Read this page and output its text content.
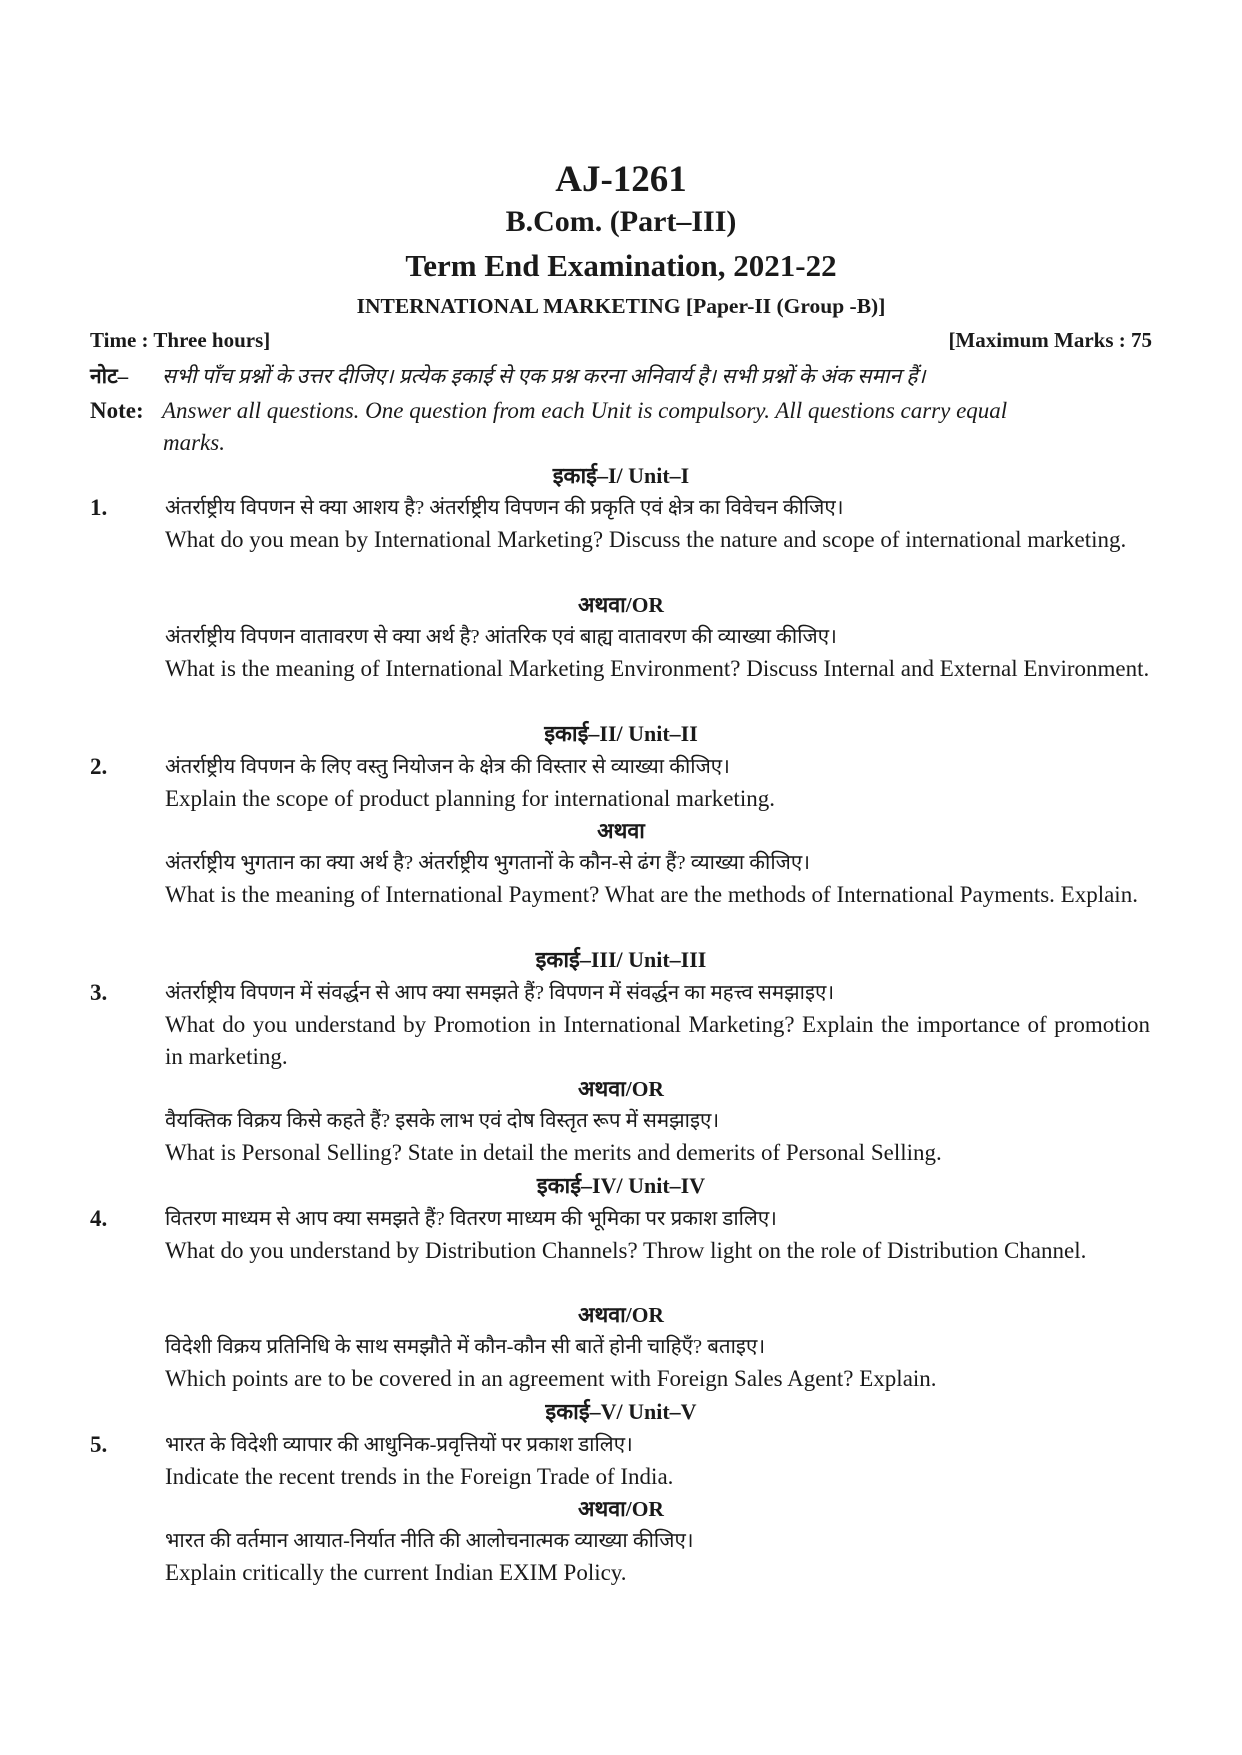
AJ-1261
B.Com. (Part–III)
Term End Examination, 2021-22
INTERNATIONAL MARKETING [Paper-II (Group -B)]
Time : Three hours]	[Maximum Marks : 75
नोट– सभी पाँच प्रश्नों के उत्तर दीजिए। प्रत्येक इकाई से एक प्रश्न करना अनिवार्य है। सभी प्रश्नों के अंक समान हैं।
Note: Answer all questions. One question from each Unit is compulsory. All questions carry equal
marks.
इकाई–I/ Unit–I
1.	अंतर्राष्ट्रीय विपणन से क्या आशय है? अंतर्राष्ट्रीय विपणन की प्रकृति एवं क्षेत्र का विवेचन कीजिए।
What do you mean by International Marketing? Discuss the nature and scope of international marketing.
अथवा/OR
अंतर्राष्ट्रीय विपणन वातावरण से क्या अर्थ है? आंतरिक एवं बाह्य वातावरण की व्याख्या कीजिए।
What is the meaning of International Marketing Environment? Discuss Internal and External Environment.
इकाई–II/ Unit–II
2.	अंतर्राष्ट्रीय विपणन के लिए वस्तु नियोजन के क्षेत्र की विस्तार से व्याख्या कीजिए।
Explain the scope of product planning for international marketing.
अथवा
अंतर्राष्ट्रीय भुगतान का क्या अर्थ है? अंतर्राष्ट्रीय भुगतानों के कौन-से ढंग हैं? व्याख्या कीजिए।
What is the meaning of International Payment? What are the methods of International Payments. Explain.
इकाई–III/ Unit–III
3.	अंतर्राष्ट्रीय विपणन में संवर्द्धन से आप क्या समझते हैं? विपणन में संवर्द्धन का महत्त्व समझाइए।
What do you understand by Promotion in International Marketing? Explain the importance of promotion in marketing.
अथवा/OR
वैयक्तिक विक्रय किसे कहते हैं? इसके लाभ एवं दोष विस्तृत रूप में समझाइए।
What is Personal Selling? State in detail the merits and demerits of Personal Selling.
इकाई–IV/ Unit–IV
4.	वितरण माध्यम से आप क्या समझते हैं? वितरण माध्यम की भूमिका पर प्रकाश डालिए।
What do you understand by Distribution Channels? Throw light on the role of Distribution Channel.
अथवा/OR
विदेशी विक्रय प्रतिनिधि के साथ समझौते में कौन-कौन सी बातें होनी चाहिएँ? बताइए।
Which points are to be covered in an agreement with Foreign Sales Agent? Explain.
इकाई–V/ Unit–V
5.	भारत के विदेशी व्यापार की आधुनिक-प्रवृत्तियों पर प्रकाश डालिए।
Indicate the recent trends in the Foreign Trade of India.
अथवा/OR
भारत की वर्तमान आयात-निर्यात नीति की आलोचनात्मक व्याख्या कीजिए।
Explain critically the current Indian EXIM Policy.
